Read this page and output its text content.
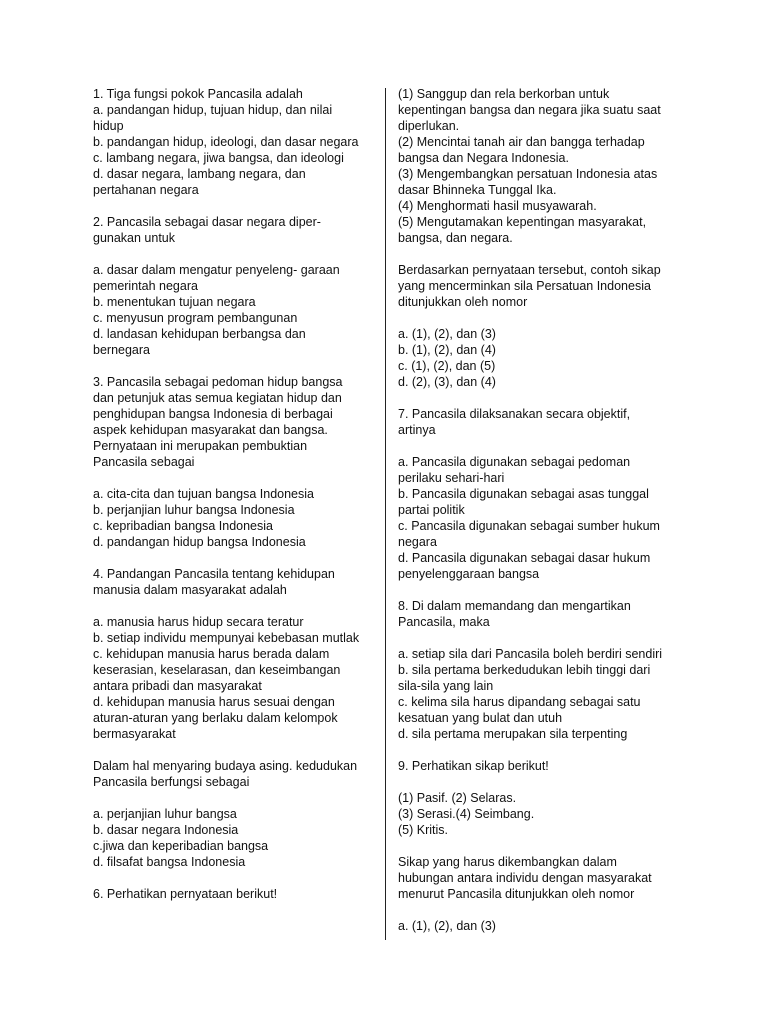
1. Tiga fungsi pokok Pancasila adalah
a. pandangan hidup, tujuan hidup, dan nilai
hidup
b. pandangan hidup, ideologi, dan dasar negara
c. lambang negara, jiwa bangsa, dan ideologi
d. dasar negara, lambang negara, dan
pertahanan negara
2. Pancasila sebagai dasar negara diper-
gunakan untuk
a. dasar dalam mengatur penyeleng- garaan
pemerintah negara
b. menentukan tujuan negara
c. menyusun program pembangunan
d. landasan kehidupan berbangsa dan
bernegara
3. Pancasila sebagai pedoman hidup bangsa
dan petunjuk atas semua kegiatan hidup dan
penghidupan bangsa Indonesia di berbagai
aspek kehidupan masyarakat dan bangsa.
Pernyataan ini merupakan pembuktian
Pancasila sebagai
a. cita-cita dan tujuan bangsa Indonesia
b. perjanjian luhur bangsa Indonesia
c. kepribadian bangsa Indonesia
d. pandangan hidup bangsa Indonesia
4. Pandangan Pancasila tentang kehidupan
manusia dalam masyarakat adalah
a. manusia harus hidup secara teratur
b. setiap individu mempunyai kebebasan mutlak
c. kehidupan manusia harus berada dalam
keserasian, keselarasan, dan keseimbangan
antara pribadi dan masyarakat
d. kehidupan manusia harus sesuai dengan
aturan-aturan yang berlaku dalam kelompok
bermasyarakat
Dalam hal menyaring budaya asing. kedudukan
Pancasila berfungsi sebagai
a. perjanjian luhur bangsa
b. dasar negara Indonesia
c.jiwa dan keperibadian bangsa
d. filsafat bangsa Indonesia
6. Perhatikan pernyataan berikut!
(1) Sanggup dan rela berkorban untuk
kepentingan bangsa dan negara jika suatu saat
diperlukan.
(2) Mencintai tanah air dan bangga terhadap
bangsa dan Negara Indonesia.
(3) Mengembangkan persatuan Indonesia atas
dasar Bhinneka Tunggal Ika.
(4) Menghormati hasil musyawarah.
(5) Mengutamakan kepentingan masyarakat,
bangsa, dan negara.
Berdasarkan pernyataan tersebut, contoh sikap
yang mencerminkan sila Persatuan Indonesia
ditunjukkan oleh nomor
a. (1), (2), dan (3)
b. (1), (2), dan (4)
c. (1), (2), dan (5)
d. (2), (3), dan (4)
7. Pancasila dilaksanakan secara objektif,
artinya
a. Pancasila digunakan sebagai pedoman
perilaku sehari-hari
b. Pancasila digunakan sebagai asas tunggal
partai politik
c. Pancasila digunakan sebagai sumber hukum
negara
d. Pancasila digunakan sebagai dasar hukum
penyelenggaraan bangsa
8. Di dalam memandang dan mengartikan
Pancasila, maka
a. setiap sila dari Pancasila boleh berdiri sendiri
b. sila pertama berkedudukan lebih tinggi dari
sila-sila yang lain
c. kelima sila harus dipandang sebagai satu
kesatuan yang bulat dan utuh
d. sila pertama merupakan sila terpenting
9. Perhatikan sikap berikut!
(1) Pasif. (2) Selaras.
(3) Serasi.(4) Seimbang.
(5) Kritis.
Sikap yang harus dikembangkan dalam
hubungan antara individu dengan masyarakat
menurut Pancasila ditunjukkan oleh nomor
a. (1), (2), dan (3)
